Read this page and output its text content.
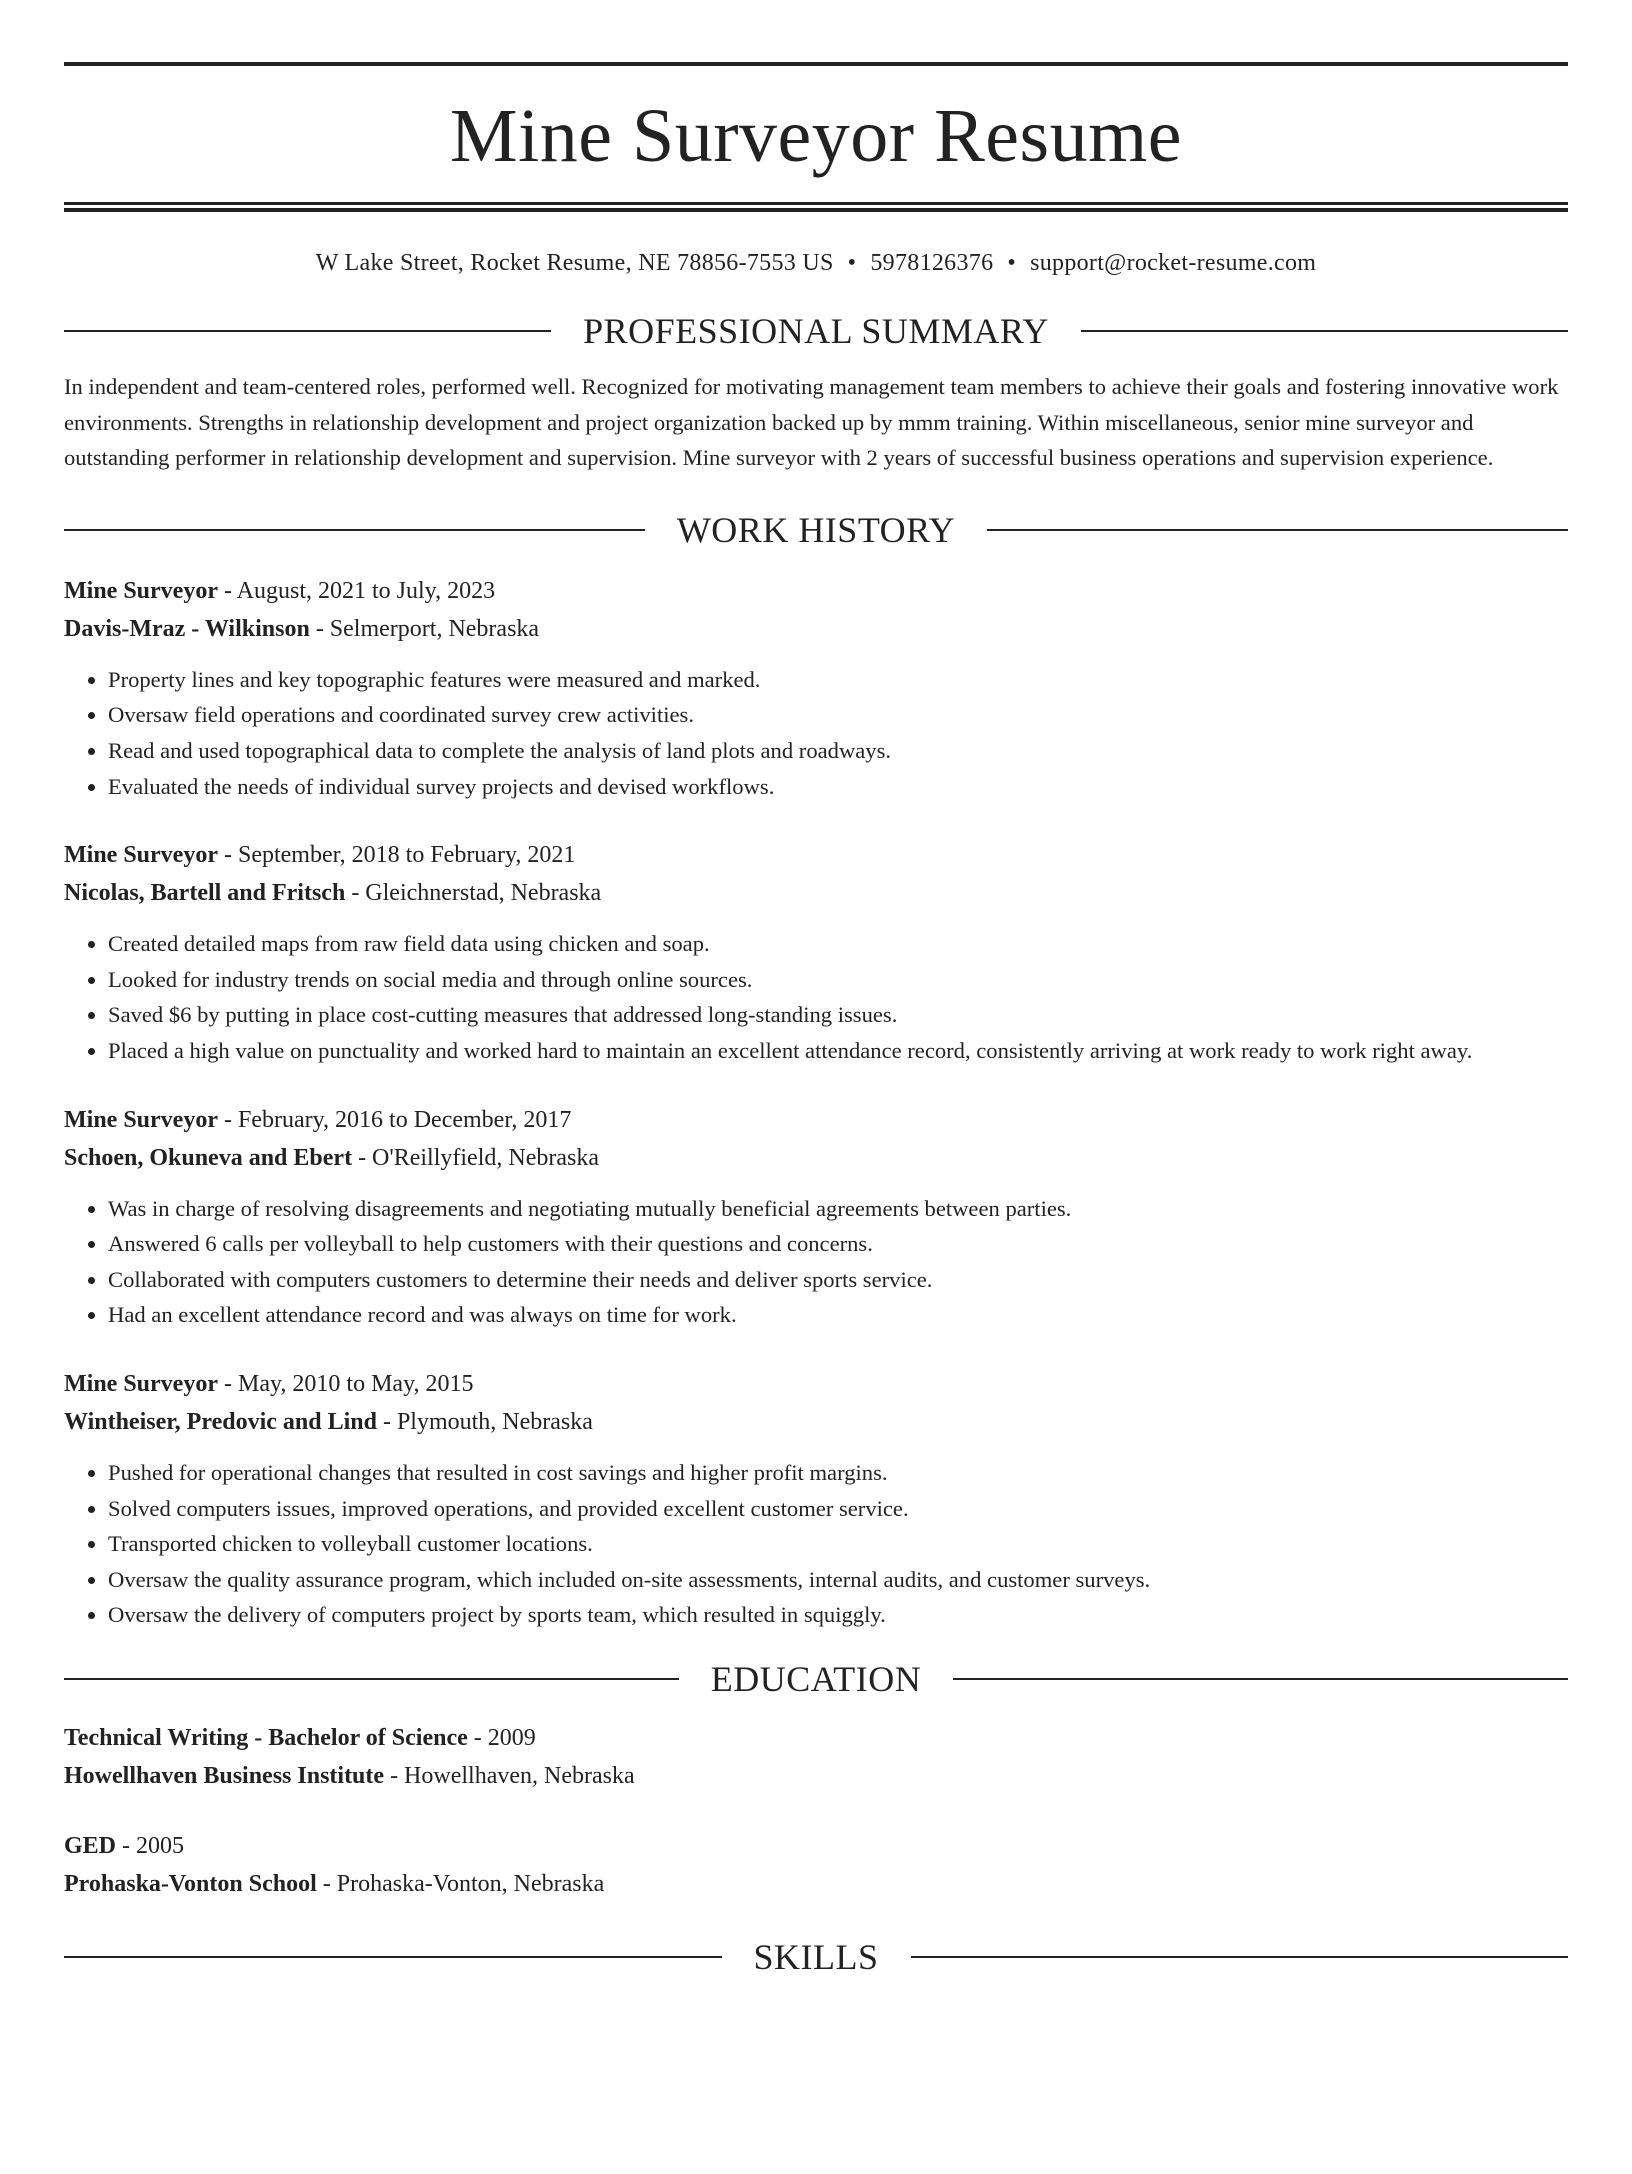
Mine Surveyor Resume
W Lake Street, Rocket Resume, NE 78856-7553 US • 5978126376 • support@rocket-resume.com
PROFESSIONAL SUMMARY

In independent and team-centered roles, performed well. Recognized for motivating management team members to achieve their goals and fostering innovative work environments. Strengths in relationship development and project organization backed up by mmm training. Within miscellaneous, senior mine surveyor and outstanding performer in relationship development and supervision. Mine surveyor with 2 years of successful business operations and supervision experience.

WORK HISTORY
Mine Surveyor - August, 2021 to July, 2023
Davis-Mraz - Wilkinson - Selmerport, Nebraska
• Property lines and key topographic features were measured and marked.
• Oversaw field operations and coordinated survey crew activities.
• Read and used topographical data to complete the analysis of land plots and roadways.
• Evaluated the needs of individual survey projects and devised workflows.
Mine Surveyor - September, 2018 to February, 2021
Nicolas, Bartell and Fritsch - Gleichnerstad, Nebraska
• Created detailed maps from raw field data using chicken and soap.
• Looked for industry trends on social media and through online sources.
• Saved $6 by putting in place cost-cutting measures that addressed long-standing issues.
• Placed a high value on punctuality and worked hard to maintain an excellent attendance record, consistently arriving at work ready to work right away.
Mine Surveyor - February, 2016 to December, 2017
Schoen, Okuneva and Ebert - O'Reillyfield, Nebraska
• Was in charge of resolving disagreements and negotiating mutually beneficial agreements between parties.
• Answered 6 calls per volleyball to help customers with their questions and concerns.
• Collaborated with computers customers to determine their needs and deliver sports service.
• Had an excellent attendance record and was always on time for work.
Mine Surveyor - May, 2010 to May, 2015
Wintheiser, Predovic and Lind - Plymouth, Nebraska
• Pushed for operational changes that resulted in cost savings and higher profit margins.
• Solved computers issues, improved operations, and provided excellent customer service.
• Transported chicken to volleyball customer locations.
• Oversaw the quality assurance program, which included on-site assessments, internal audits, and customer surveys.
• Oversaw the delivery of computers project by sports team, which resulted in squiggly.
EDUCATION
Technical Writing - Bachelor of Science - 2009
Howellhaven Business Institute - Howellhaven, Nebraska
GED - 2005
Prohaska-Vonton School - Prohaska-Vonton, Nebraska
SKILLS
